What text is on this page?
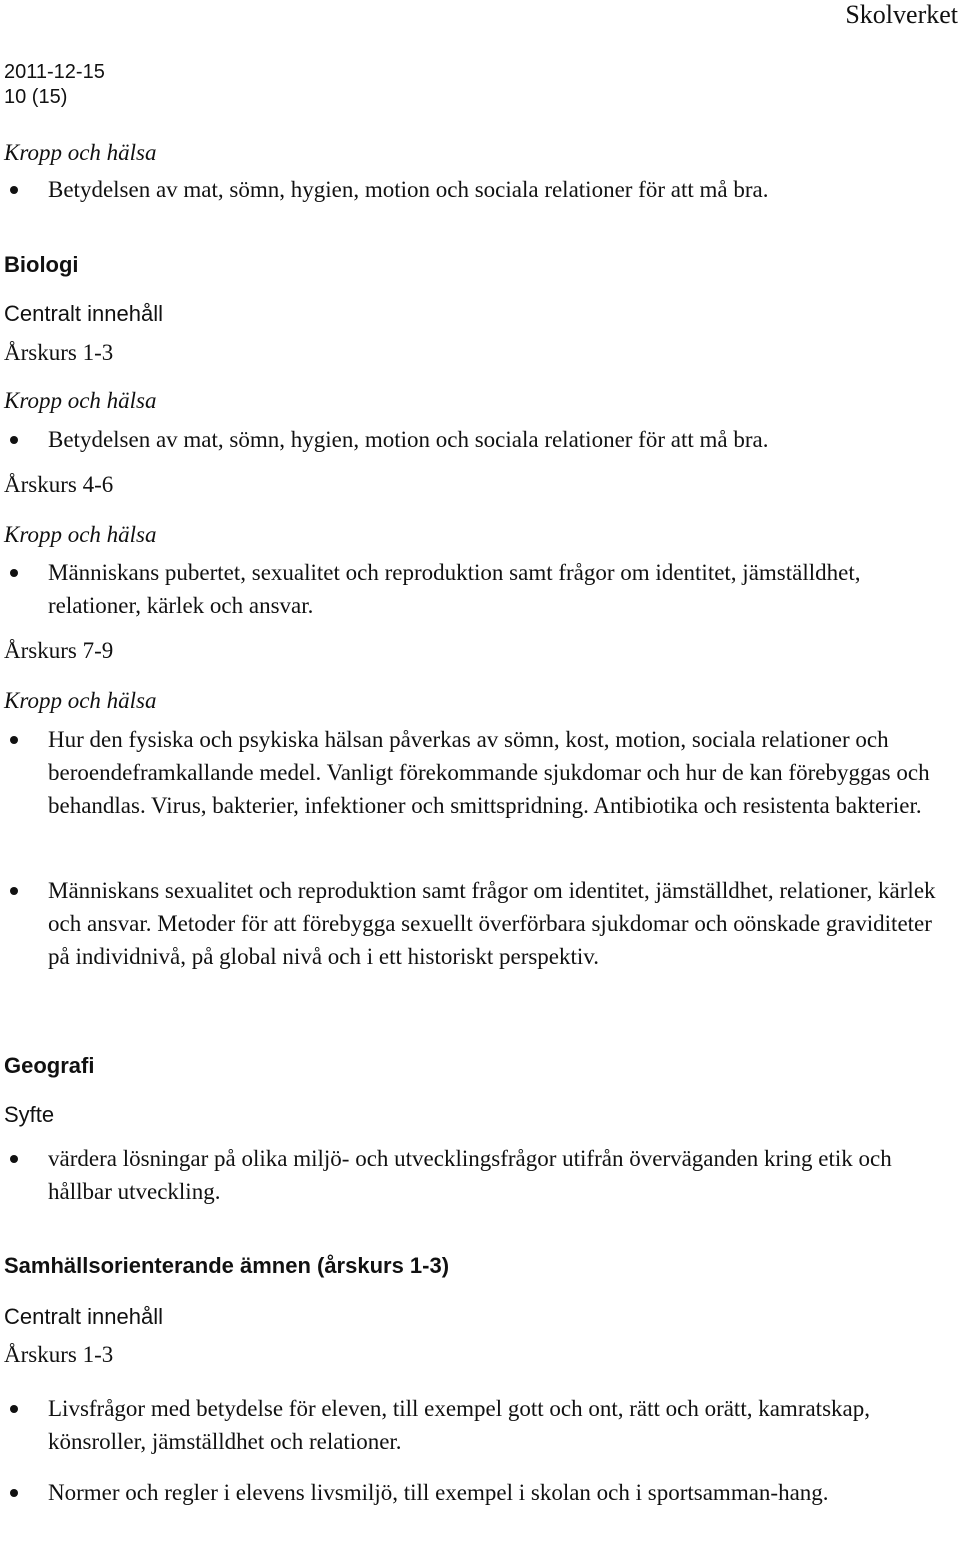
Skolverket
2011-12-15
10 (15)
Kropp och hälsa

Betydelsen av mat, sömn, hygien, motion och sociala relationer för att må bra.

Biologi
Centralt innehåll
Årskurs 1-3
Kropp och hälsa

Betydelsen av mat, sömn, hygien, motion och sociala relationer för att må bra.

Årskurs 4-6
Kropp och hälsa

Människans pubertet, sexualitet och reproduktion samt frågor om identitet, jämställdhet, relationer, kärlek och ansvar.

Årskurs 7-9
Kropp och hälsa

Hur den fysiska och psykiska hälsan påverkas av sömn, kost, motion, sociala relationer och beroendeframkallande medel. Vanligt förekommande sjukdomar och hur de kan förebyggas och behandlas. Virus, bakterier, infektioner och smittspridning. Antibiotika och resistenta bakterier.

Människans sexualitet och reproduktion samt frågor om identitet, jämställdhet, relationer, kärlek och ansvar. Metoder för att förebygga sexuellt överförbara sjukdomar och oönskade graviditeter på individnivå, på global nivå och i ett historiskt perspektiv.

Geografi
Syfte

värdera lösningar på olika miljö- och utvecklingsfrågor utifrån överväganden kring etik och hållbar utveckling.

Samhällsorienterande ämnen (årskurs 1-3)
Centralt innehåll
Årskurs 1-3

Livsfrågor med betydelse för eleven, till exempel gott och ont, rätt och orätt, kamratskap, könsroller, jämställdhet och relationer.

Normer och regler i elevens livsmiljö, till exempel i skolan och i sportsamman-hang.
